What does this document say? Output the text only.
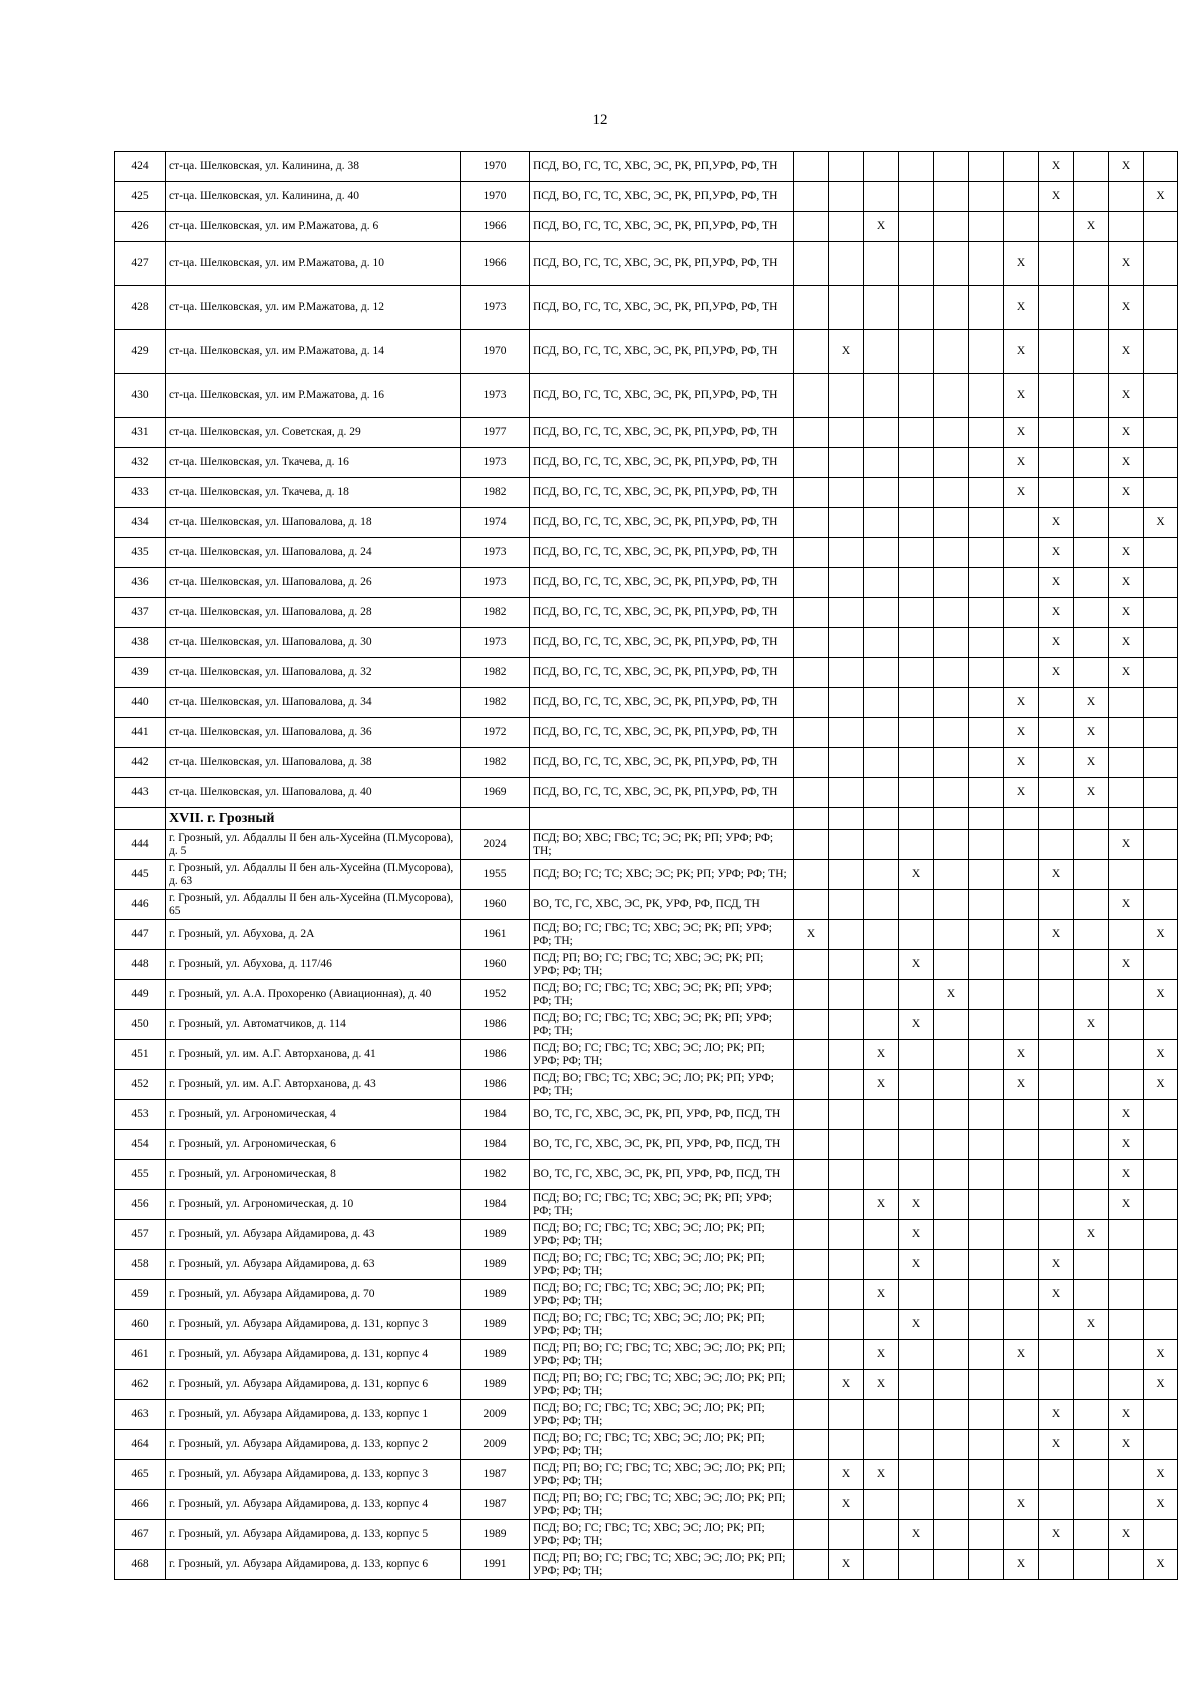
12
424	ст-ца. Шелковская, ул. Калинина, д. 38	1970	ПСД, ВО, ГС, ТС, ХВС, ЭС, РК, РП,УРФ, РФ, ТН								X		X	
425	ст-ца. Шелковская, ул. Калинина, д. 40	1970	ПСД, ВО, ГС, ТС, ХВС, ЭС, РК, РП,УРФ, РФ, ТН								X			X
426	ст-ца. Шелковская, ул. им Р.Мажатова, д. 6	1966	ПСД, ВО, ГС, ТС, ХВС, ЭС, РК, РП,УРФ, РФ, ТН			X						X		
427	ст-ца. Шелковская, ул. им Р.Мажатова, д. 10	1966	ПСД, ВО, ГС, ТС, ХВС, ЭС, РК, РП,УРФ, РФ, ТН							X			X	
428	ст-ца. Шелковская, ул. им Р.Мажатова, д. 12	1973	ПСД, ВО, ГС, ТС, ХВС, ЭС, РК, РП,УРФ, РФ, ТН							X			X	
429	ст-ца. Шелковская, ул. им Р.Мажатова, д. 14	1970	ПСД, ВО, ГС, ТС, ХВС, ЭС, РК, РП,УРФ, РФ, ТН		X					X			X	
430	ст-ца. Шелковская, ул. им Р.Мажатова, д. 16	1973	ПСД, ВО, ГС, ТС, ХВС, ЭС, РК, РП,УРФ, РФ, ТН							X			X	
431	ст-ца. Шелковская, ул. Советская, д. 29	1977	ПСД, ВО, ГС, ТС, ХВС, ЭС, РК, РП,УРФ, РФ, ТН							X			X	
432	ст-ца. Шелковская, ул. Ткачева, д. 16	1973	ПСД, ВО, ГС, ТС, ХВС, ЭС, РК, РП,УРФ, РФ, ТН							X			X	
433	ст-ца. Шелковская, ул. Ткачева, д. 18	1982	ПСД, ВО, ГС, ТС, ХВС, ЭС, РК, РП,УРФ, РФ, ТН							X			X	
434	ст-ца. Шелковская, ул. Шаповалова, д. 18	1974	ПСД, ВО, ГС, ТС, ХВС, ЭС, РК, РП,УРФ, РФ, ТН								X			X
435	ст-ца. Шелковская, ул. Шаповалова, д. 24	1973	ПСД, ВО, ГС, ТС, ХВС, ЭС, РК, РП,УРФ, РФ, ТН								X		X	
436	ст-ца. Шелковская, ул. Шаповалова, д. 26	1973	ПСД, ВО, ГС, ТС, ХВС, ЭС, РК, РП,УРФ, РФ, ТН								X		X	
437	ст-ца. Шелковская, ул. Шаповалова, д. 28	1982	ПСД, ВО, ГС, ТС, ХВС, ЭС, РК, РП,УРФ, РФ, ТН								X		X	
438	ст-ца. Шелковская, ул. Шаповалова, д. 30	1973	ПСД, ВО, ГС, ТС, ХВС, ЭС, РК, РП,УРФ, РФ, ТН								X		X	
439	ст-ца. Шелковская, ул. Шаповалова, д. 32	1982	ПСД, ВО, ГС, ТС, ХВС, ЭС, РК, РП,УРФ, РФ, ТН								X		X	
440	ст-ца. Шелковская, ул. Шаповалова, д. 34	1982	ПСД, ВО, ГС, ТС, ХВС, ЭС, РК, РП,УРФ, РФ, ТН							X		X		
441	ст-ца. Шелковская, ул. Шаповалова, д. 36	1972	ПСД, ВО, ГС, ТС, ХВС, ЭС, РК, РП,УРФ, РФ, ТН							X		X		
442	ст-ца. Шелковская, ул. Шаповалова, д. 38	1982	ПСД, ВО, ГС, ТС, ХВС, ЭС, РК, РП,УРФ, РФ, ТН							X		X		
443	ст-ца. Шелковская, ул. Шаповалова, д. 40	1969	ПСД, ВО, ГС, ТС, ХВС, ЭС, РК, РП,УРФ, РФ, ТН							X		X		
	XVII. г. Грозный													
444	г. Грозный, ул. Абдаллы II бен аль-Хусейна (П.Мусорова), д. 5	2024	ПСД; ВО; ХВС; ГВС; ТС; ЭС; РК; РП; УРФ; РФ; ТН;										X	
445	г. Грозный, ул. Абдаллы II бен аль-Хусейна (П.Мусорова), д. 63	1955	ПСД; ВО; ГС; ТС; ХВС; ЭС; РК; РП; УРФ; РФ; ТН;				X				X			
446	г. Грозный, ул. Абдаллы II бен аль-Хусейна (П.Мусорова), 65	1960	ВО, ТС, ГС, ХВС, ЭС, РК, УРФ, РФ, ПСД, ТН										X	
447	г. Грозный, ул. Абухова, д. 2А	1961	ПСД; ВО; ГС; ГВС; ТС; ХВС; ЭС; РК; РП; УРФ; РФ; ТН;	X							X			X
448	г. Грозный, ул. Абухова, д. 117/46	1960	ПСД; РП; ВО; ГС; ГВС; ТС; ХВС; ЭС; РК; РП; УРФ; РФ; ТН;				X						X	
449	г. Грозный, ул. А.А. Прохоренко (Авиационная), д. 40	1952	ПСД; ВО; ГС; ГВС; ТС; ХВС; ЭС; РК; РП; УРФ; РФ; ТН;					X						X
450	г. Грозный, ул. Автоматчиков, д. 114	1986	ПСД; ВО; ГС; ГВС; ТС; ХВС; ЭС; РК; РП; УРФ; РФ; ТН;				X					X		
451	г. Грозный, ул. им. А.Г. Авторханова, д. 41	1986	ПСД; ВО; ГС; ГВС; ТС; ХВС; ЭС; ЛО; РК; РП; УРФ; РФ; ТН;			X				X				X
452	г. Грозный, ул. им. А.Г. Авторханова, д. 43	1986	ПСД; ВО; ГВС; ТС; ХВС; ЭС; ЛО; РК; РП; УРФ; РФ; ТН;			X				X				X
453	г. Грозный, ул. Агрономическая, 4	1984	ВО, ТС, ГС, ХВС, ЭС, РК, РП, УРФ, РФ, ПСД, ТН										X	
454	г. Грозный, ул. Агрономическая, 6	1984	ВО, ТС, ГС, ХВС, ЭС, РК, РП, УРФ, РФ, ПСД, ТН										X	
455	г. Грозный, ул. Агрономическая, 8	1982	ВО, ТС, ГС, ХВС, ЭС, РК, РП, УРФ, РФ, ПСД, ТН										X	
456	г. Грозный, ул. Агрономическая, д. 10	1984	ПСД; ВО; ГС; ГВС; ТС; ХВС; ЭС; РК; РП; УРФ; РФ; ТН;			X	X						X	
457	г. Грозный, ул. Абузара Айдамирова, д. 43	1989	ПСД; ВО; ГС; ГВС; ТС; ХВС; ЭС; ЛО; РК; РП; УРФ; РФ; ТН;				X					X		
458	г. Грозный, ул. Абузара Айдамирова, д. 63	1989	ПСД; ВО; ГС; ГВС; ТС; ХВС; ЭС; ЛО; РК; РП; УРФ; РФ; ТН;				X				X			
459	г. Грозный, ул. Абузара Айдамирова, д. 70	1989	ПСД; ВО; ГС; ГВС; ТС; ХВС; ЭС; ЛО; РК; РП; УРФ; РФ; ТН;			X					X			
460	г. Грозный, ул. Абузара Айдамирова, д. 131, корпус 3	1989	ПСД; ВО; ГС; ГВС; ТС; ХВС; ЭС; ЛО; РК; РП; УРФ; РФ; ТН;				X					X		
461	г. Грозный, ул. Абузара Айдамирова, д. 131, корпус 4	1989	ПСД; РП; ВО; ГС; ГВС; ТС; ХВС; ЭС; ЛО; РК; РП; УРФ; РФ; ТН;			X				X				X
462	г. Грозный, ул. Абузара Айдамирова, д. 131, корпус 6	1989	ПСД; РП; ВО; ГС; ГВС; ТС; ХВС; ЭС; ЛО; РК; РП; УРФ; РФ; ТН;		X	X								X
463	г. Грозный, ул. Абузара Айдамирова, д. 133, корпус 1	2009	ПСД; ВО; ГС; ГВС; ТС; ХВС; ЭС; ЛО; РК; РП; УРФ; РФ; ТН;								X		X	
464	г. Грозный, ул. Абузара Айдамирова, д. 133, корпус 2	2009	ПСД; ВО; ГС; ГВС; ТС; ХВС; ЭС; ЛО; РК; РП; УРФ; РФ; ТН;								X		X	
465	г. Грозный, ул. Абузара Айдамирова, д. 133, корпус 3	1987	ПСД; РП; ВО; ГС; ГВС; ТС; ХВС; ЭС; ЛО; РК; РП; УРФ; РФ; ТН;		X	X								X
466	г. Грозный, ул. Абузара Айдамирова, д. 133, корпус 4	1987	ПСД; РП; ВО; ГС; ГВС; ТС; ХВС; ЭС; ЛО; РК; РП; УРФ; РФ; ТН;		X					X				X
467	г. Грозный, ул. Абузара Айдамирова, д. 133, корпус 5	1989	ПСД; ВО; ГС; ГВС; ТС; ХВС; ЭС; ЛО; РК; РП; УРФ; РФ; ТН;				X				X		X	
468	г. Грозный, ул. Абузара Айдамирова, д. 133, корпус 6	1991	ПСД; РП; ВО; ГС; ГВС; ТС; ХВС; ЭС; ЛО; РК; РП; УРФ; РФ; ТН;		X					X				X
